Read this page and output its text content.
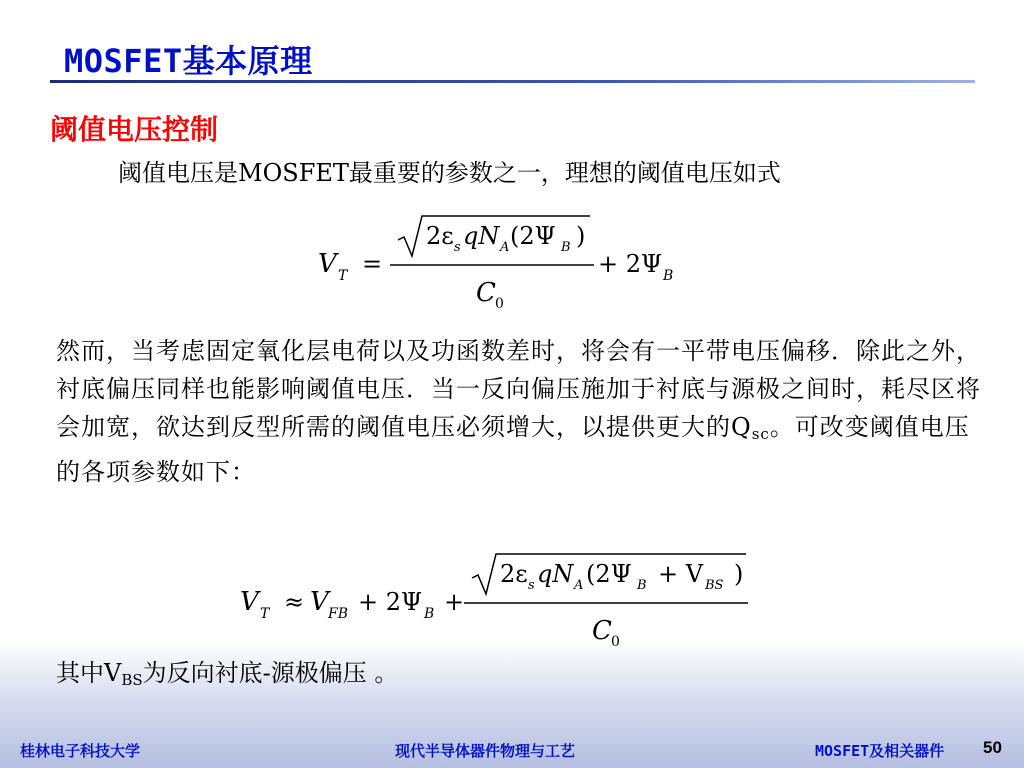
MOSFET基本原理
阈值电压控制
阈值电压是MOSFET最重要的参数之一，理想的阈值电压如式
V T =
2ε s qN A (2Ψ B )
C 0
+ 2Ψ B
然而，当考虑固定氧化层电荷以及功函数差时，将会有一平带电压偏移．除此之外，衬底偏压同样也能影响阈值电压．当一反向偏压施加于衬底与源极之间时，耗尽区将会加宽，欲达到反型所需的阈值电压必须增大，以提供更大的$Q_{sc}$。可改变阈值电压的各项参数如下：
V T ≈ V FB + 2Ψ B +
2ε s qN A (2Ψ B + V BS )
C 0
其中$V_{BS}$为反向衬底-源极偏压 。
桂林电子科技大学	现代半导体器件物理与工艺	MOSFET及相关器件 50
